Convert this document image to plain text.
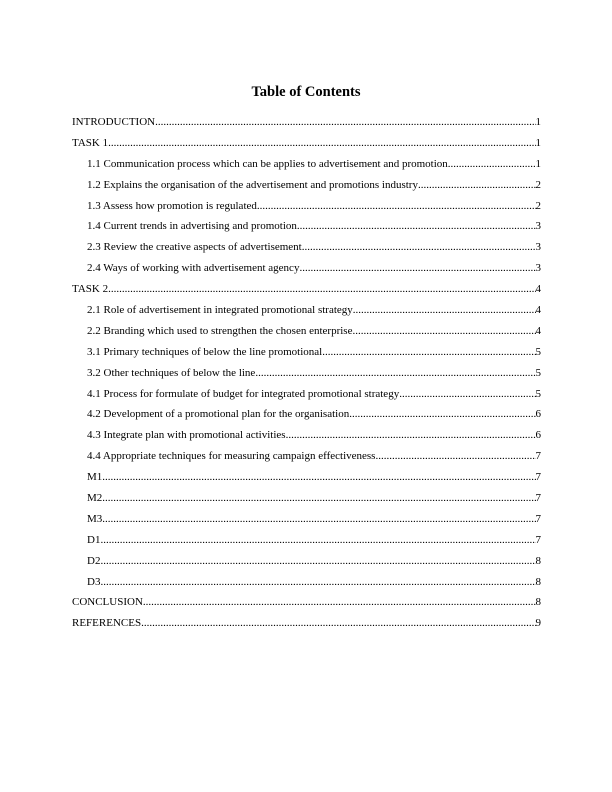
Table of Contents
INTRODUCTION .....	1
TASK 1 .....	1
1.1 Communication process which can be applies to advertisement and promotion .....	1
1.2 Explains the organisation of the advertisement and promotions industry .....	2
1.3 Assess how promotion is regulated .....	2
1.4 Current trends in advertising and promotion .....	3
2.3 Review the creative aspects of advertisement .....	3
2.4 Ways of working with advertisement agency .....	3
TASK 2 .....	4
2.1 Role of advertisement in integrated promotional strategy .....	4
2.2 Branding which used to strengthen the chosen enterprise .....	4
3.1 Primary techniques of below the line promotional .....	5
3.2 Other techniques of below the line .....	5
4.1 Process for formulate of budget for integrated promotional strategy .....	5
4.2 Development of a promotional plan for the organisation .....	6
4.3 Integrate plan with promotional activities .....	6
4.4 Appropriate techniques for measuring campaign effectiveness .....	7
M1 .....	7
M2 .....	7
M3 .....	7
D1 .....	7
D2 .....	8
D3 .....	8
CONCLUSION .....	8
REFERENCES .....	9
